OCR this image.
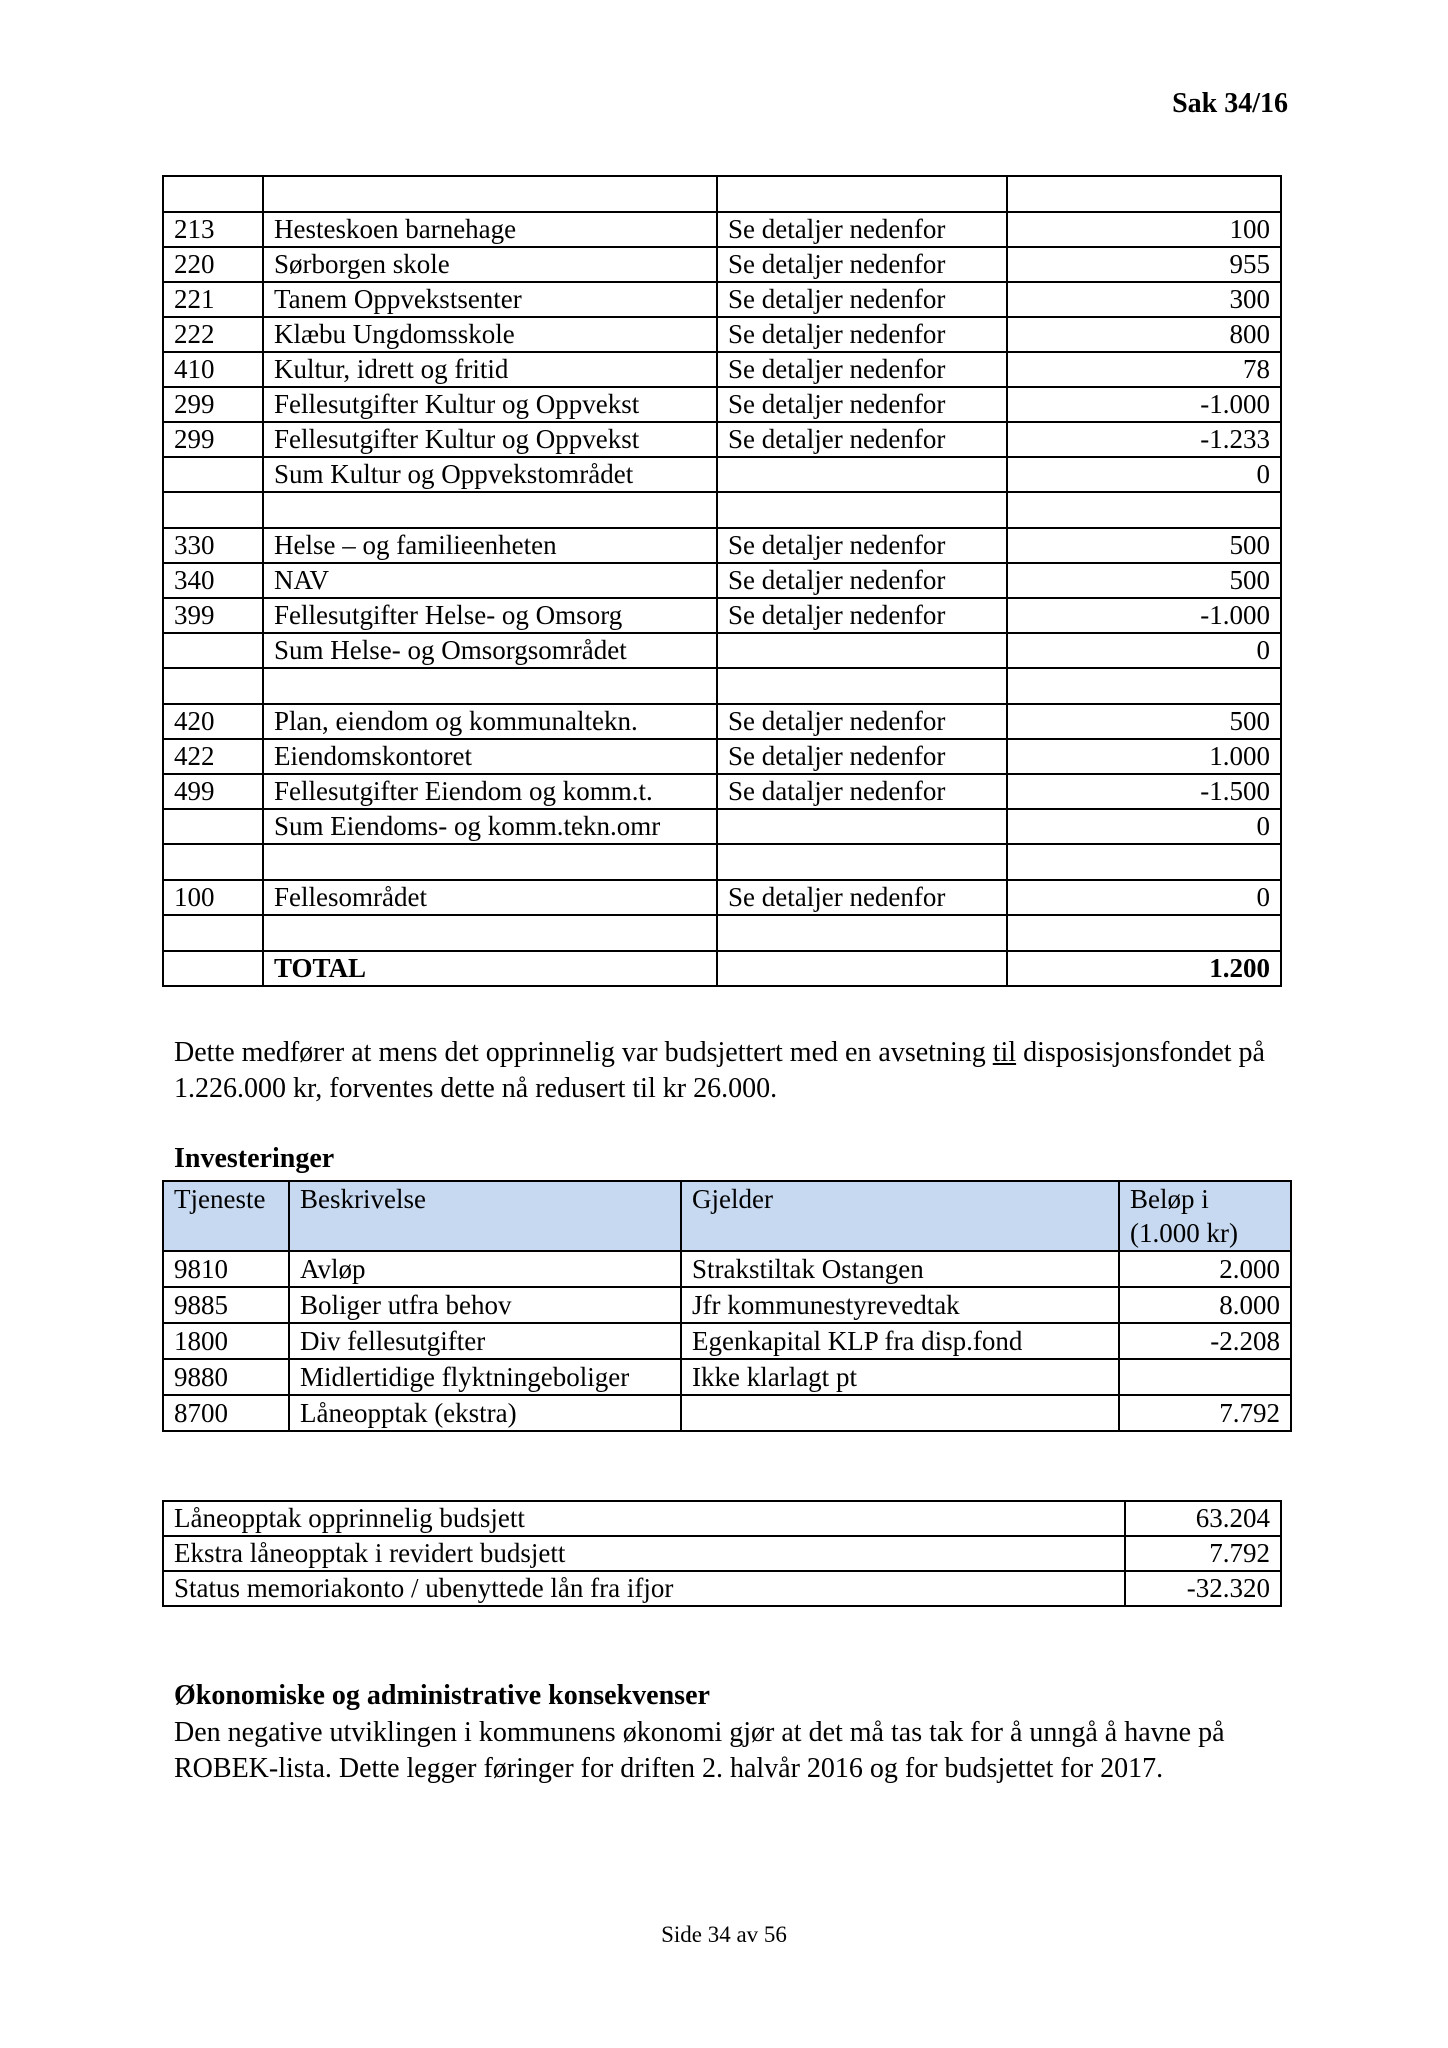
Sak 34/16

213	Hesteskoen barnehage	Se detaljer nedenfor	100
220	Sørborgen skole	Se detaljer nedenfor	955
221	Tanem Oppvekstsenter	Se detaljer nedenfor	300
222	Klæbu Ungdomsskole	Se detaljer nedenfor	800
410	Kultur, idrett og fritid	Se detaljer nedenfor	78
299	Fellesutgifter Kultur og Oppvekst	Se detaljer nedenfor	-1.000
299	Fellesutgifter Kultur og Oppvekst	Se detaljer nedenfor	-1.233
	Sum Kultur og Oppvekstområdet		0

330	Helse – og familieenheten	Se detaljer nedenfor	500
340	NAV	Se detaljer nedenfor	500
399	Fellesutgifter Helse- og Omsorg	Se detaljer nedenfor	-1.000
	Sum Helse- og Omsorgsområdet		0

420	Plan, eiendom og kommunaltekn.	Se detaljer nedenfor	500
422	Eiendomskontoret	Se detaljer nedenfor	1.000
499	Fellesutgifter Eiendom og komm.t.	Se dataljer nedenfor	-1.500
	Sum Eiendoms- og komm.tekn.omr		0

100	Fellesområdet	Se detaljer nedenfor	0

	TOTAL		1.200
Dette medfører at mens det opprinnelig var budsjettert med en avsetning til disposisjonsfondet på 1.226.000 kr, forventes dette nå redusert til kr 26.000.
Investeringer
Tjeneste	Beskrivelse	Gjelder	Beløp i (1.000 kr)
9810	Avløp	Strakstiltak Ostangen	2.000
9885	Boliger utfra behov	Jfr kommunestyrevedtak	8.000
1800	Div fellesutgifter	Egenkapital KLP fra disp.fond	-2.208
9880	Midlertidige flyktningeboliger	Ikke klarlagt pt	
8700	Låneopptak (ekstra)		7.792
Låneopptak opprinnelig budsjett	63.204
Ekstra låneopptak i revidert budsjett	7.792
Status memoriakonto / ubenyttede lån fra ifjor	-32.320
Økonomiske og administrative konsekvenser
Den negative utviklingen i kommunens økonomi gjør at det må tas tak for å unngå å havne på ROBEK-lista. Dette legger føringer for driften 2. halvår 2016 og for budsjettet for 2017.
Side 34 av 56
